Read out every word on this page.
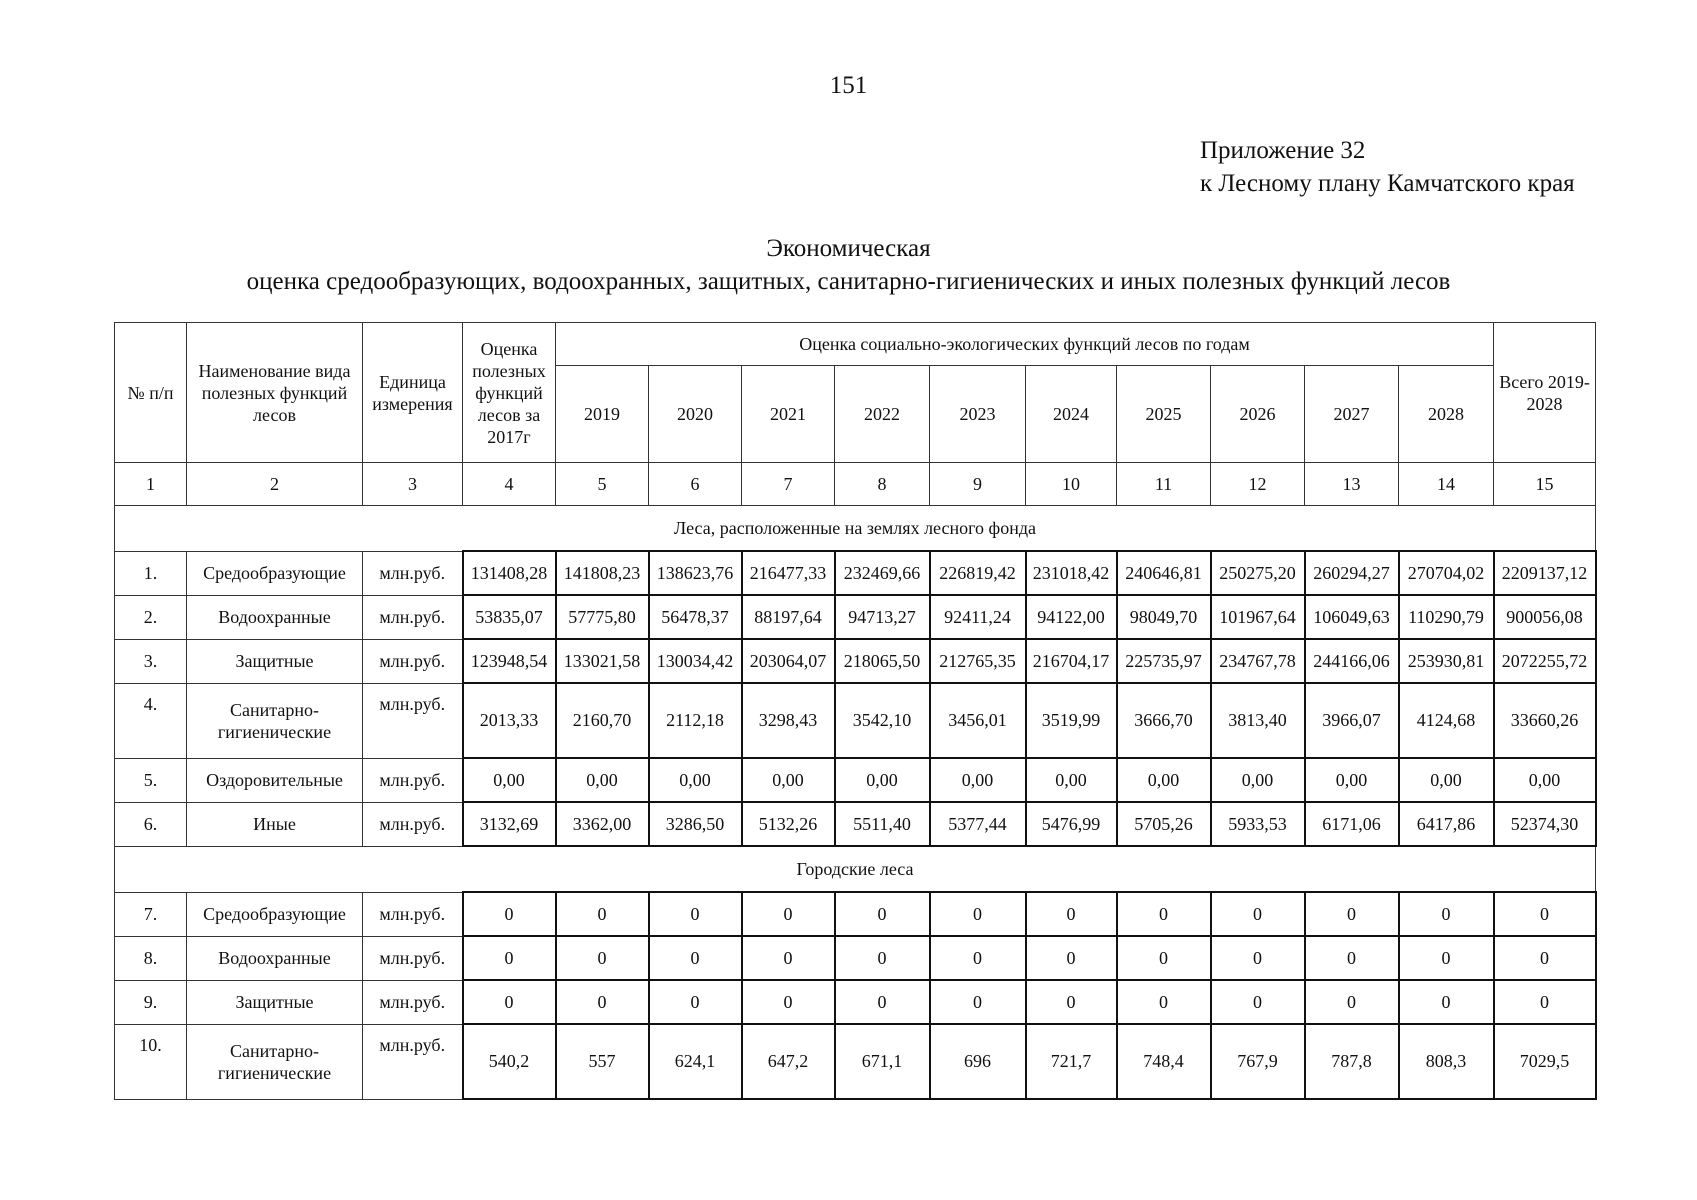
151
Приложение 32
к Лесному плану Камчатского края
Экономическая
оценка средообразующих, водоохранных, защитных, санитарно-гигиенических и иных полезных функций лесов
№ п/п	Наименование вида полезных функций лесов	Единица измерения	Оценка полезных функций лесов за 2017г	Оценка социально-экологических функций лесов по годам										Всего 2019-2028
				2019	2020	2021	2022	2023	2024	2025	2026	2027	2028	
1	2	3	4	5	6	7	8	9	10	11	12	13	14	15
Леса, расположенные на землях лесного фонда														
1.	Средообразующие	млн.руб.	131408,28	141808,23	138623,76	216477,33	232469,66	226819,42	231018,42	240646,81	250275,20	260294,27	270704,02	2209137,12
2.	Водоохранные	млн.руб.	53835,07	57775,80	56478,37	88197,64	94713,27	92411,24	94122,00	98049,70	101967,64	106049,63	110290,79	900056,08
3.	Защитные	млн.руб.	123948,54	133021,58	130034,42	203064,07	218065,50	212765,35	216704,17	225735,97	234767,78	244166,06	253930,81	2072255,72
4.	Санитарно-гигиенические	млн.руб.	2013,33	2160,70	2112,18	3298,43	3542,10	3456,01	3519,99	3666,70	3813,40	3966,07	4124,68	33660,26
5.	Оздоровительные	млн.руб.	0,00	0,00	0,00	0,00	0,00	0,00	0,00	0,00	0,00	0,00	0,00	0,00
6.	Иные	млн.руб.	3132,69	3362,00	3286,50	5132,26	5511,40	5377,44	5476,99	5705,26	5933,53	6171,06	6417,86	52374,30
Городские леса														
7.	Средообразующие	млн.руб.	0	0	0	0	0	0	0	0	0	0	0	0
8.	Водоохранные	млн.руб.	0	0	0	0	0	0	0	0	0	0	0	0
9.	Защитные	млн.руб.	0	0	0	0	0	0	0	0	0	0	0	0
10.	Санитарно-гигиенические	млн.руб.	540,2	557	624,1	647,2	671,1	696	721,7	748,4	767,9	787,8	808,3	7029,5
